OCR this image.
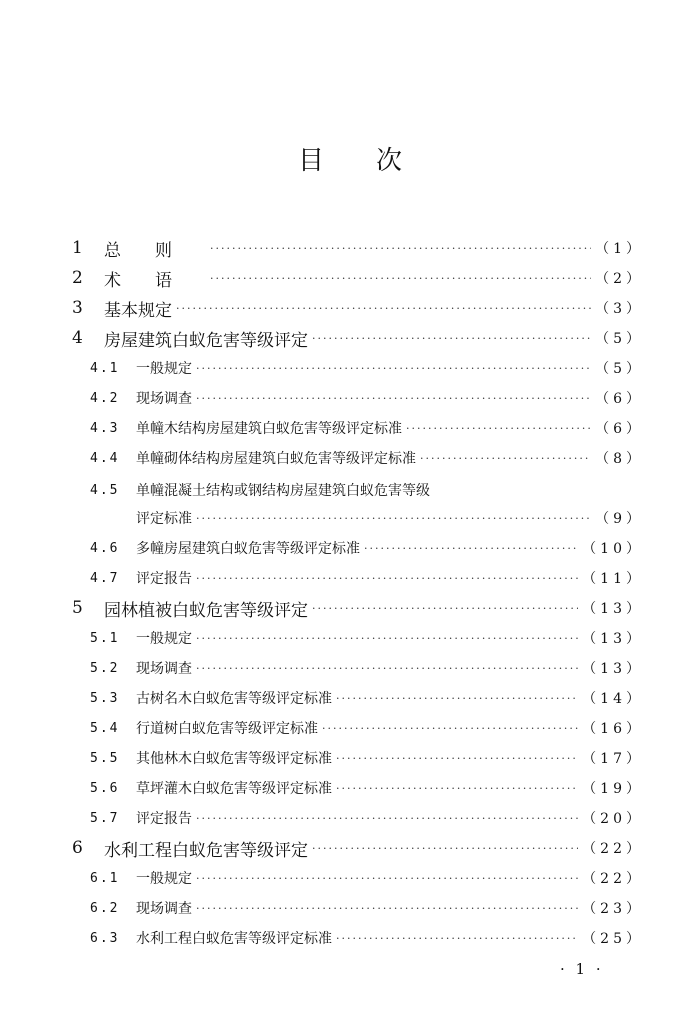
目次
1	总则 ·····	（1）
2	术语 ·····	（2）
3	基本规定 ·····	（3）
4	房屋建筑白蚁危害等级评定 ·····	（5）
4.1	一般规定 ·····	（5）
4.2	现场调查 ·····	（6）
4.3	单幢木结构房屋建筑白蚁危害等级评定标准 ·····	（6）
4.4	单幢砌体结构房屋建筑白蚁危害等级评定标准 ·····	（8）
4.5	单幢混凝土结构或钢结构房屋建筑白蚁危害等级
评定标准 ·····	（9）
4.6	多幢房屋建筑白蚁危害等级评定标准 ·····	（10）
4.7	评定报告 ·····	（11）
5	园林植被白蚁危害等级评定 ·····	（13）
5.1	一般规定 ·····	（13）
5.2	现场调查 ·····	（13）
5.3	古树名木白蚁危害等级评定标准 ·····	（14）
5.4	行道树白蚁危害等级评定标准 ·····	（16）
5.5	其他林木白蚁危害等级评定标准 ·····	（17）
5.6	草坪灌木白蚁危害等级评定标准 ·····	（19）
5.7	评定报告 ·····	（20）
6	水利工程白蚁危害等级评定 ·····	（22）
6.1	一般规定 ·····	（22）
6.2	现场调查 ·····	（23）
6.3	水利工程白蚁危害等级评定标准 ·····	（25）
· 1 ·
